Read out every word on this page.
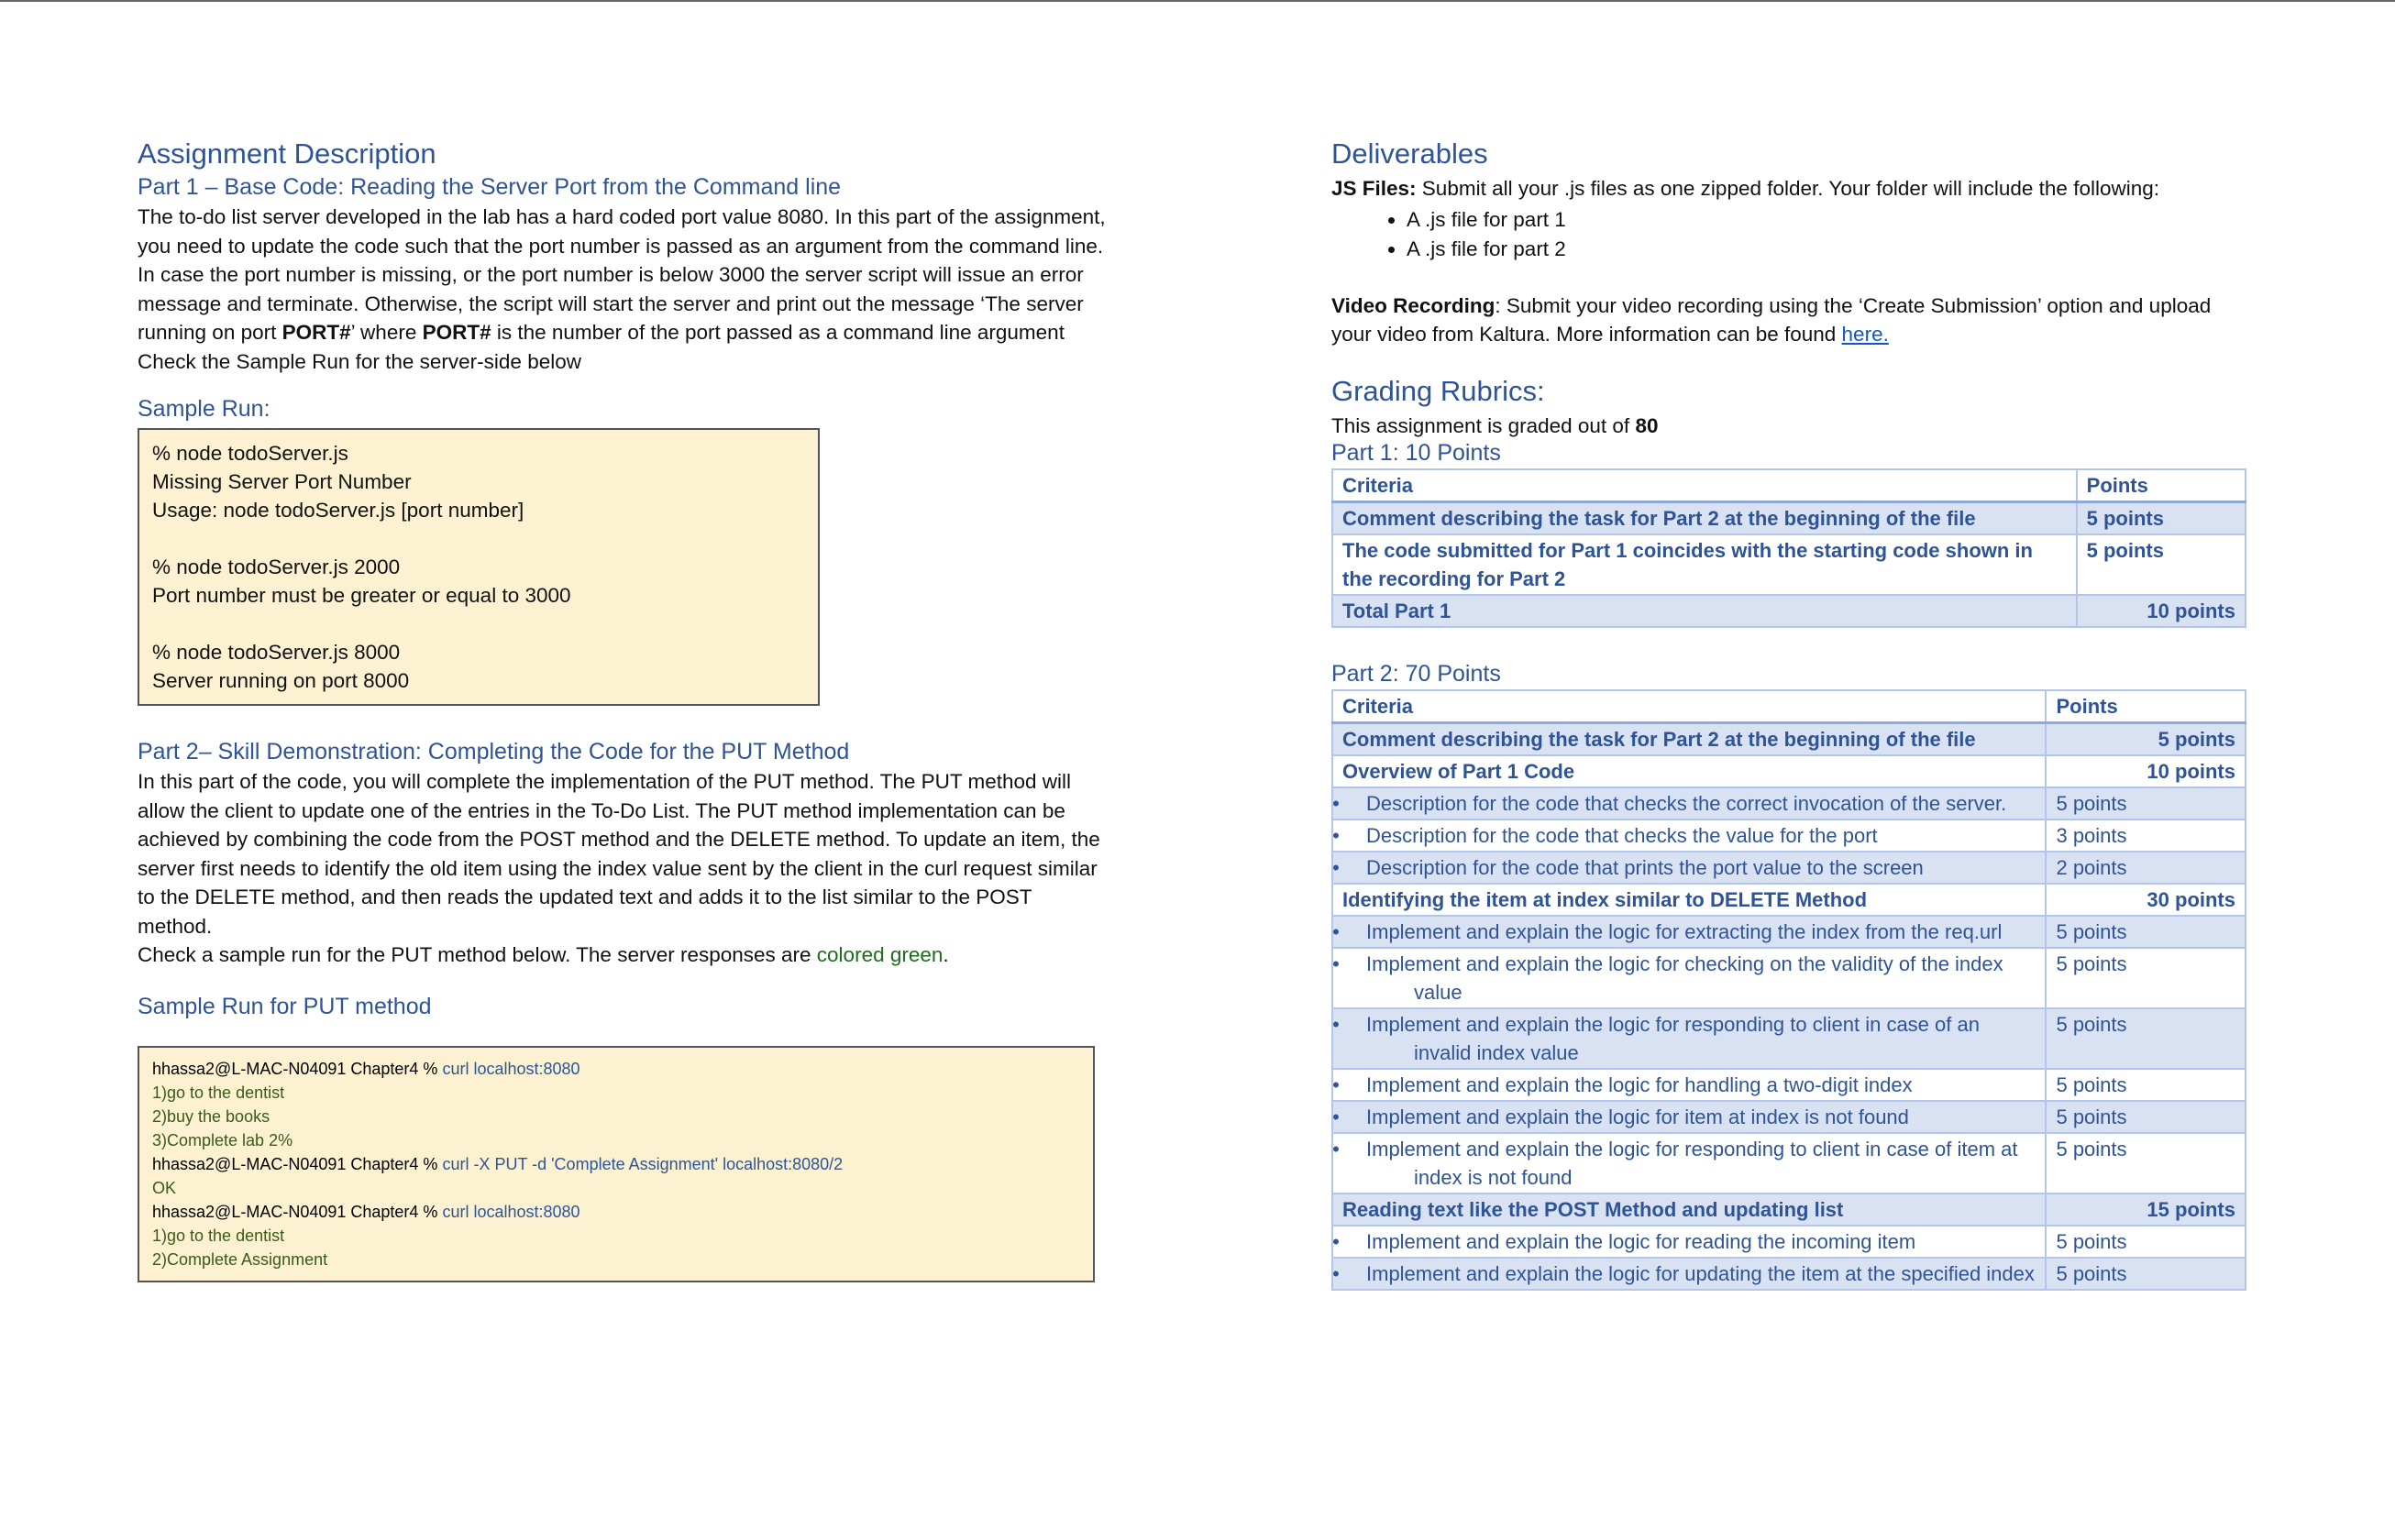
Assignment Description
Part 1 – Base Code: Reading the Server Port from the Command line

The to-do list server developed in the lab has a hard coded port value 8080. In this part of the assignment, you need to update the code such that the port number is passed as an argument from the command line. In case the port number is missing, or the port number is below 3000 the server script will issue an error message and terminate. Otherwise, the script will start the server and print out the message ‘The server running on port PORT#’ where PORT# is the number of the port passed as a command line argument

Check the Sample Run for the server-side below

Sample Run:
% node todoServer.js
Missing Server Port Number
Usage: node todoServer.js [port number]
% node todoServer.js 2000
Port number must be greater or equal to 3000
% node todoServer.js 8000
Server running on port 8000
Part 2– Skill Demonstration: Completing the Code for the PUT Method

In this part of the code, you will complete the implementation of the PUT method. The PUT method will allow the client to update one of the entries in the To-Do List. The PUT method implementation can be achieved by combining the code from the POST method and the DELETE method. To update an item, the server first needs to identify the old item using the index value sent by the client in the curl request similar to the DELETE method, and then reads the updated text and adds it to the list similar to the POST method.

Check a sample run for the PUT method below. The server responses are colored green.

Sample Run for PUT method
hhassa2@L-MAC-N04091 Chapter4 % curl localhost:8080
1)go to the dentist
2)buy the books
3)Complete lab 2%
hhassa2@L-MAC-N04091 Chapter4 % curl -X PUT -d 'Complete Assignment' localhost:8080/2
OK
hhassa2@L-MAC-N04091 Chapter4 % curl localhost:8080
1)go to the dentist
2)Complete Assignment
Deliverables

JS Files: Submit all your .js files as one zipped folder. Your folder will include the following:

• A .js file for part 1
• A .js file for part 2

Video Recording: Submit your video recording using the ‘Create Submission’ option and upload your video from Kaltura. More information can be found here.

Grading Rubrics:

This assignment is graded out of 80

Part 1: 10 Points
Criteria	Points
Comment describing the task for Part 2 at the beginning of the file	5 points
The code submitted for Part 1 coincides with the starting code shown in the recording for Part 2	5 points
Total Part 1	10 points
Part 2: 70 Points
Criteria	Points
Comment describing the task for Part 2 at the beginning of the file	5 points
Overview of Part 1 Code	10 points
• Description for the code that checks the correct invocation of the server.	5 points
• Description for the code that checks the value for the port	3 points
• Description for the code that prints the port value to the screen	2 points
Identifying the item at index similar to DELETE Method	30 points
• Implement and explain the logic for extracting the index from the req.url	5 points
• Implement and explain the logic for checking on the validity of the index value	5 points
• Implement and explain the logic for responding to client in case of an invalid index value	5 points
• Implement and explain the logic for handling a two-digit index	5 points
• Implement and explain the logic for item at index is not found	5 points
• Implement and explain the logic for responding to client in case of item at index is not found	5 points
Reading text like the POST Method and updating list	15 points
• Implement and explain the logic for reading the incoming item	5 points
• Implement and explain the logic for updating the item at the specified index	5 points
